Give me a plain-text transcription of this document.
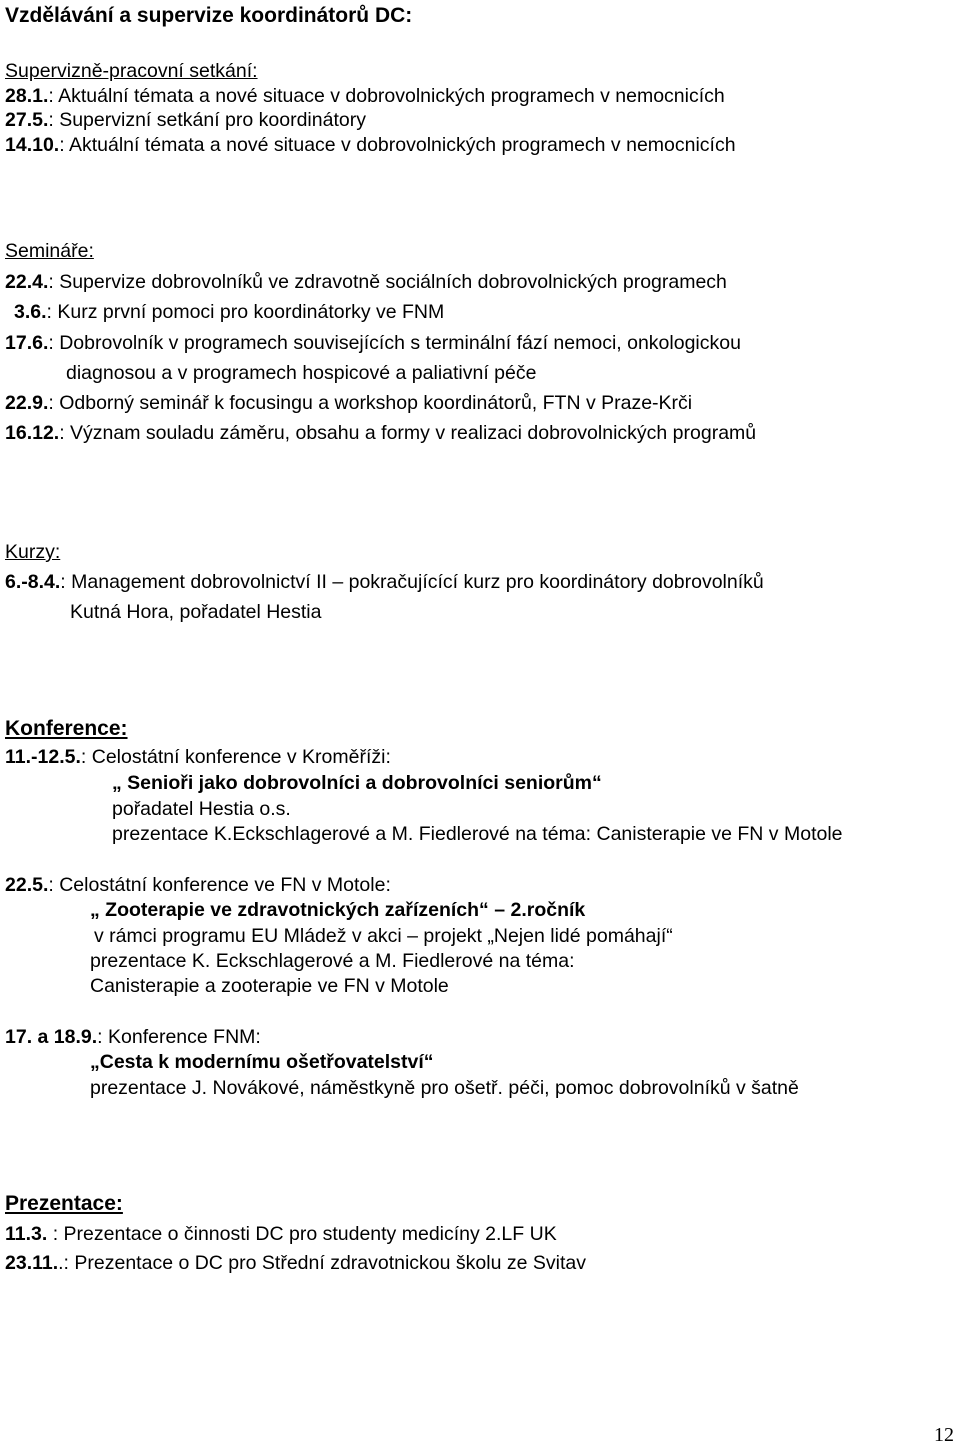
Vzdělávání a supervize koordinátorů DC:
Supervizně-pracovní setkání:
28.1.: Aktuální témata a nové situace v dobrovolnických programech v nemocnicích
27.5.: Supervizní setkání pro koordinátory
14.10.: Aktuální témata a nové situace v dobrovolnických programech v nemocnicích
Semináře:
22.4.: Supervize dobrovolníků ve zdravotně sociálních dobrovolnických programech
3.6.: Kurz první pomoci pro koordinátorky ve FNM
17.6.: Dobrovolník v programech souvisejících s terminální fází nemoci, onkologickou
diagnosou a v programech hospicové a paliativní péče
22.9.: Odborný seminář k focusingu a workshop koordinátorů, FTN v Praze-Krči
16.12.: Význam souladu záměru, obsahu a formy v realizaci dobrovolnických programů
Kurzy:
6.-8.4.: Management dobrovolnictví II – pokračujícící kurz pro koordinátory dobrovolníků
Kutná Hora, pořadatel Hestia
Konference:
11.-12.5.: Celostátní konference v Kroměříži:
„ Senioři jako dobrovolníci a dobrovolníci seniorům“
pořadatel Hestia o.s.
prezentace K.Eckschlagerové a M. Fiedlerové na téma: Canisterapie ve FN v Motole
22.5.: Celostátní konference ve FN v Motole:
„ Zooterapie ve zdravotnických zařízeních“ – 2.ročník
v rámci programu EU Mládež v akci – projekt „Nejen lidé pomáhají“
prezentace K. Eckschlagerové a M. Fiedlerové na téma:
Canisterapie a zooterapie ve FN v Motole
17. a 18.9.: Konference FNM:
„Cesta k modernímu ošetřovatelství“
prezentace J. Novákové, náměstkyně pro ošetř. péči, pomoc dobrovolníků v šatně
Prezentace:
11.3. : Prezentace o činnosti DC pro studenty medicíny 2.LF UK
23.11..: Prezentace o DC pro Střední zdravotnickou školu ze Svitav
12
